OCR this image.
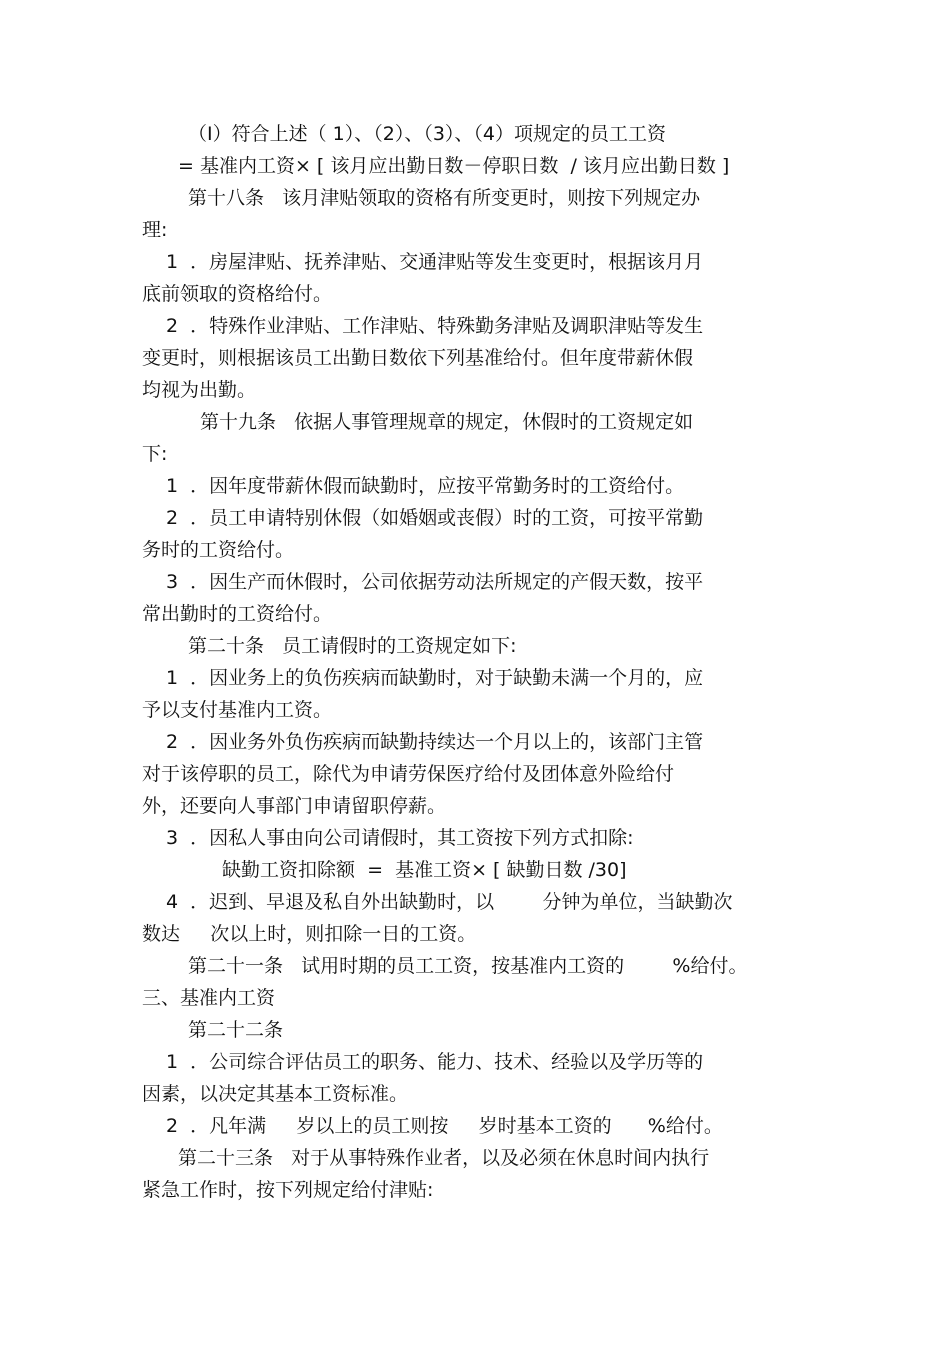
（I）符合上述（ 1）、（2）、（3）、（4）项规定的员工工资

= 基准内工资× [ 该月应出勤日数－停职日数  / 该月应出勤日数 ]

第十八条   该月津贴领取的资格有所变更时，则按下列规定办

理:

1  ．房屋津贴、抚养津贴、交通津贴等发生变更时，根据该月月

底前领取的资格给付。

2  ．特殊作业津贴、工作津贴、特殊勤务津贴及调职津贴等发生

变更时，则根据该员工出勤日数依下列基准给付。但年度带薪休假

均视为出勤。

第十九条   依据人事管理规章的规定，休假时的工资规定如

下:

1  ．因年度带薪休假而缺勤时，应按平常勤务时的工资给付。

2  ．员工申请特别休假（如婚姻或丧假）时的工资，可按平常勤

务时的工资给付。

3  ．因生产而休假时，公司依据劳动法所规定的产假天数，按平

常出勤时的工资给付。

第二十条   员工请假时的工资规定如下:

1  ．因业务上的负伤疾病而缺勤时，对于缺勤未满一个月的，应

予以支付基准内工资。

2  ．因业务外负伤疾病而缺勤持续达一个月以上的，该部门主管

对于该停职的员工，除代为申请劳保医疗给付及团体意外险给付

外，还要向人事部门申请留职停薪。

3  ．因私人事由向公司请假时，其工资按下列方式扣除:

缺勤工资扣除额  =  基准工资× [ 缺勤日数 /30]

4  ．迟到、早退及私自外出缺勤时，以        分钟为单位，当缺勤次

数达     次以上时，则扣除一日的工资。

第二十一条   试用时期的员工工资，按基准内工资的        %给付。

三、基准内工资

第二十二条

1  ．公司综合评估员工的职务、能力、技术、经验以及学历等的

因素，以决定其基本工资标准。

2  ．凡年满     岁以上的员工则按     岁时基本工资的      %给付。

第二十三条   对于从事特殊作业者，以及必须在休息时间内执行

紧急工作时，按下列规定给付津贴:
